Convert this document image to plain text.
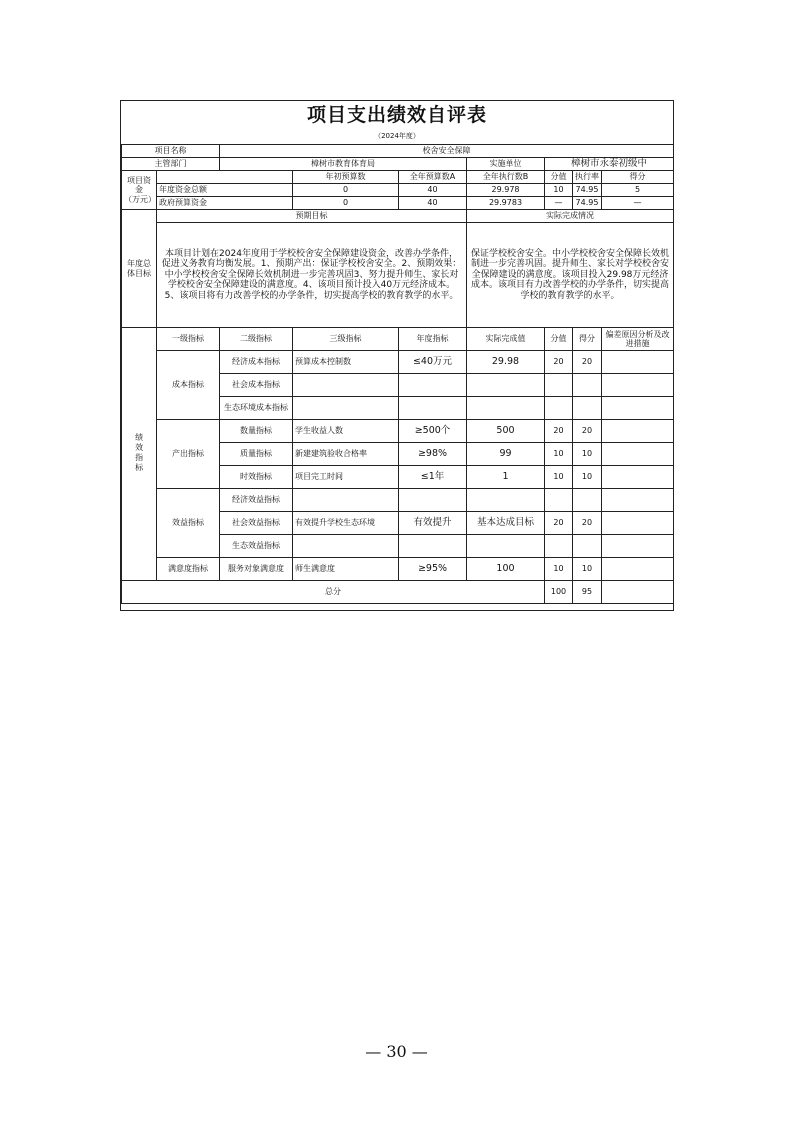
项目支出绩效自评表
（2024年度）
项目名称		校舍安全保障						
主管部门		樟树市教育体育局			实施单位	樟树市永泰初级中		
项目资金
（万元）			年初预算数	全年预算数A	全年执行数B	分值	执行率	得分
	年度资金总额		0	40	29.978	10	74.95	5
	政府预算资金		0	40	29.9783	—	74.95	—
年度总体目标	预期目标				实际完成情况			
	本项目计划在2024年度用于学校校舍安全保障建设资金，改善办学条件，促进义务教育均衡发展。1、预期产出：保证学校校舍安全。2、预期效果：中小学校校舍安全保障长效机制进一步完善巩固3、努力提升师生、家长对学校校舍安全保障建设的满意度。4、该项目预计投入40万元经济成本。5、该项目将有力改善学校的办学条件，切实提高学校的教育教学的水平。				保证学校校舍安全。中小学校校舍安全保障长效机制进一步完善巩固。提升师生、家长对学校校舍安全保障建设的满意度。该项目投入29.98万元经济成本。该项目有力改善学校的办学条件，切实提高学校的教育教学的水平。			
绩效指标	一级指标	二级指标	三级指标	年度指标	实际完成值	分值	得分	偏差原因分析及改进措施
	成本指标	经济成本指标	预算成本控制数	≤40万元	29.98	20	20	
		社会成本指标						
		生态环境成本指标						
	产出指标	数量指标	学生收益人数	≥500个	500	20	20	
		质量指标	新建建筑验收合格率	≥98%	99	10	10	
		时效指标	项目完工时间	≤1年	1	10	10	
	效益指标	经济效益指标						
		社会效益指标	有效提升学校生态环境	有效提升	基本达成目标	20	20	
		生态效益指标						
	满意度指标	服务对象满意度	师生满意度	≥95%	100	10	10	
总分						100	95	
— 30 —
